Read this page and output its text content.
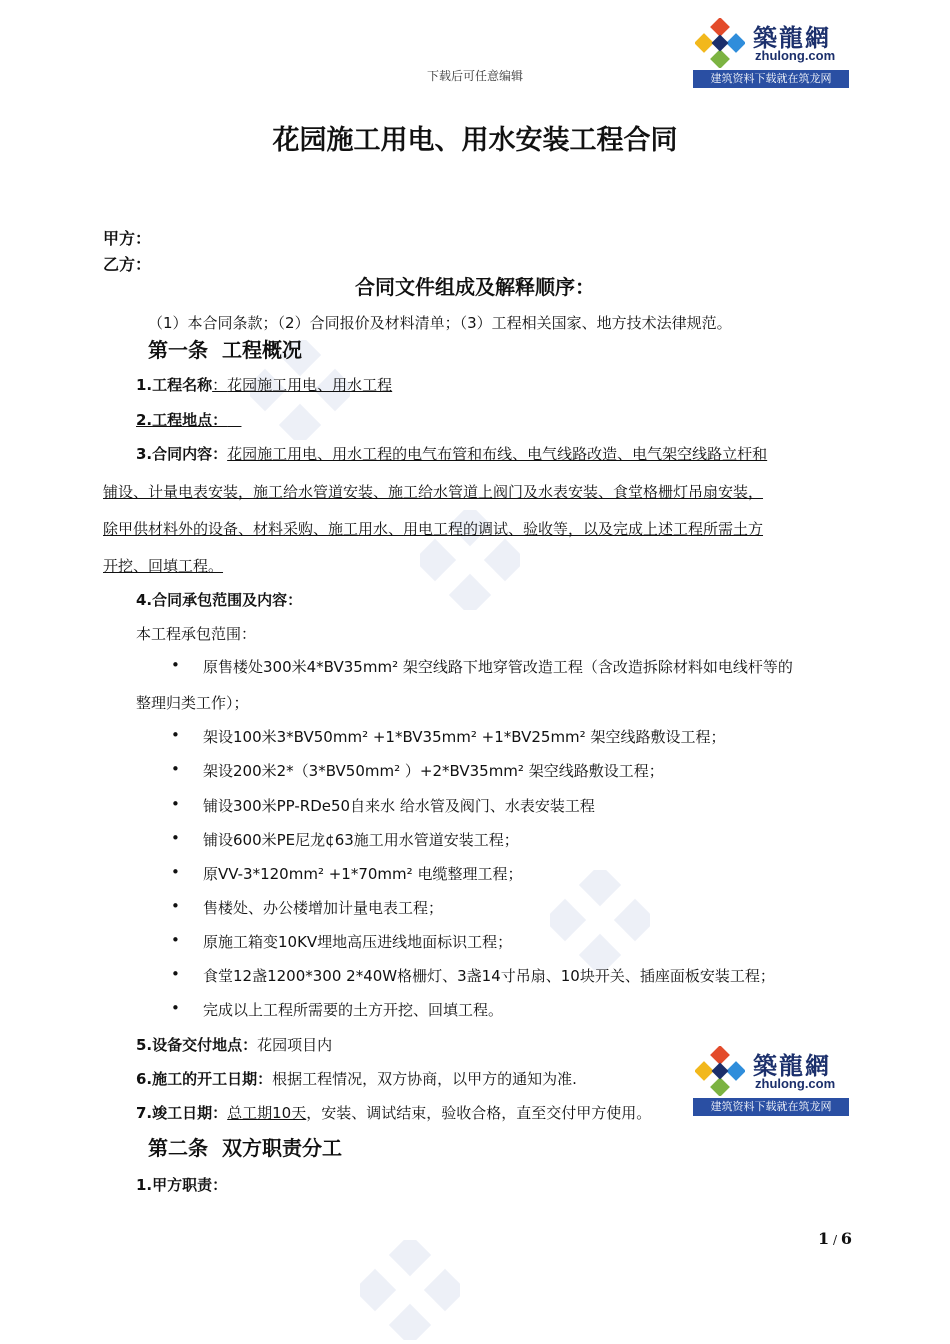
下载后可任意编辑
築龍網
zhulong.com
建筑资料下载就在筑龙网
花园施工用电、用水安装工程合同
甲方：
乙方：
合同文件组成及解释顺序：
（1）本合同条款；（2）合同报价及材料清单；（3）工程相关国家、地方技术法律规范。
第一条 工程概况
1.工程名称：花园施工用电、用水工程
2.工程地点：
3.合同内容：花园施工用电、用水工程的电气布管和布线、电气线路改造、电气架空线路立杆和
铺设、计量电表安装，施工给水管道安装、施工给水管道上阀门及水表安装、食堂格栅灯吊扇安装，
除甲供材料外的设备、材料采购、施工用水、用电工程的调试、验收等，以及完成上述工程所需土方
开挖、回填工程。
4.合同承包范围及内容：
本工程承包范围：
• 原售楼处300米4*BV35mm² 架空线路下地穿管改造工程（含改造拆除材料如电线杆等的
整理归类工作）；
• 架设100米3*BV50mm² +1*BV35mm² +1*BV25mm² 架空线路敷设工程；
• 架设200米2*（3*BV50mm² ）+2*BV35mm² 架空线路敷设工程；
• 铺设300米PP-RDe50自来水 给水管及阀门、水表安装工程
• 铺设600米PE尼龙¢63施工用水管道安装工程；
• 原VV-3*120mm² +1*70mm² 电缆整理工程；
• 售楼处、办公楼增加计量电表工程；
• 原施工箱变10KV埋地高压进线地面标识工程；
• 食堂12盏1200*300 2*40W格栅灯、3盏14寸吊扇、10块开关、插座面板安装工程；
• 完成以上工程所需要的土方开挖、回填工程。
5.设备交付地点：花园项目内
6.施工的开工日期：根据工程情况，双方协商，以甲方的通知为准.
7.竣工日期：总工期10天，安装、调试结束，验收合格，直至交付甲方使用。
築龍網
zhulong.com
建筑资料下载就在筑龙网
第二条 双方职责分工
1.甲方职责：
1 / 6
